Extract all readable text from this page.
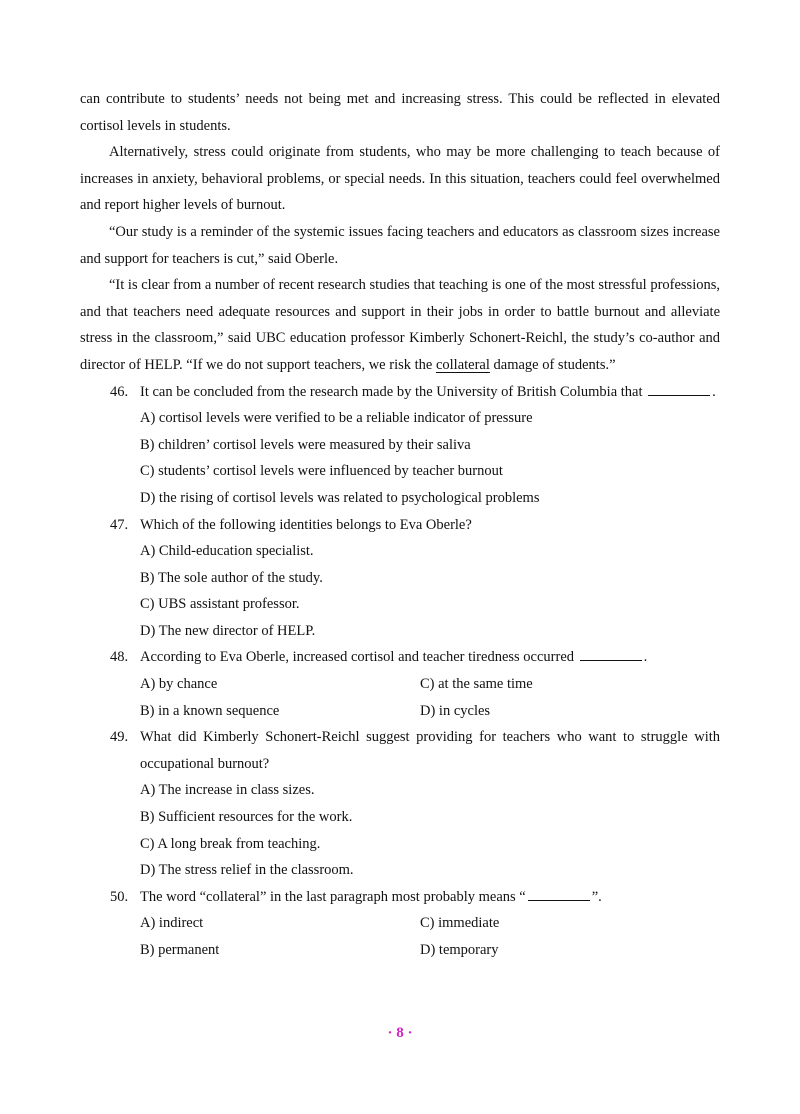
can contribute to students’ needs not being met and increasing stress. This could be reflected in elevated cortisol levels in students.

Alternatively, stress could originate from students, who may be more challenging to teach because of increases in anxiety, behavioral problems, or special needs. In this situation, teachers could feel overwhelmed and report higher levels of burnout.

“Our study is a reminder of the systemic issues facing teachers and educators as classroom sizes increase and support for teachers is cut,” said Oberle.

“It is clear from a number of recent research studies that teaching is one of the most stressful professions, and that teachers need adequate resources and support in their jobs in order to battle burnout and alleviate stress in the classroom,” said UBC education professor Kimberly Schonert-Reichl, the study’s co-author and director of HELP. “If we do not support teachers, we risk the collateral damage of students.”

46. It can be concluded from the research made by the University of British Columbia that	.
A) cortisol levels were verified to be a reliable indicator of pressure
B) children’ cortisol levels were measured by their saliva
C) students’ cortisol levels were influenced by teacher burnout
D) the rising of cortisol levels was related to psychological problems
47. Which of the following identities belongs to Eva Oberle?
A) Child-education specialist.
B) The sole author of the study.
C) UBS assistant professor.
D) The new director of HELP.
48. According to Eva Oberle, increased cortisol and teacher tiredness occurred	.
A) by chance	C) at the same time
B) in a known sequence	D) in cycles
49. What did Kimberly Schonert-Reichl suggest providing for teachers who want to struggle with occupational burnout?
A) The increase in class sizes.
B) Sufficient resources for the work.
C) A long break from teaching.
D) The stress relief in the classroom.
50. The word “collateral” in the last paragraph most probably means “	”.
A) indirect	C) immediate
B) permanent	D) temporary
· 8 ·
